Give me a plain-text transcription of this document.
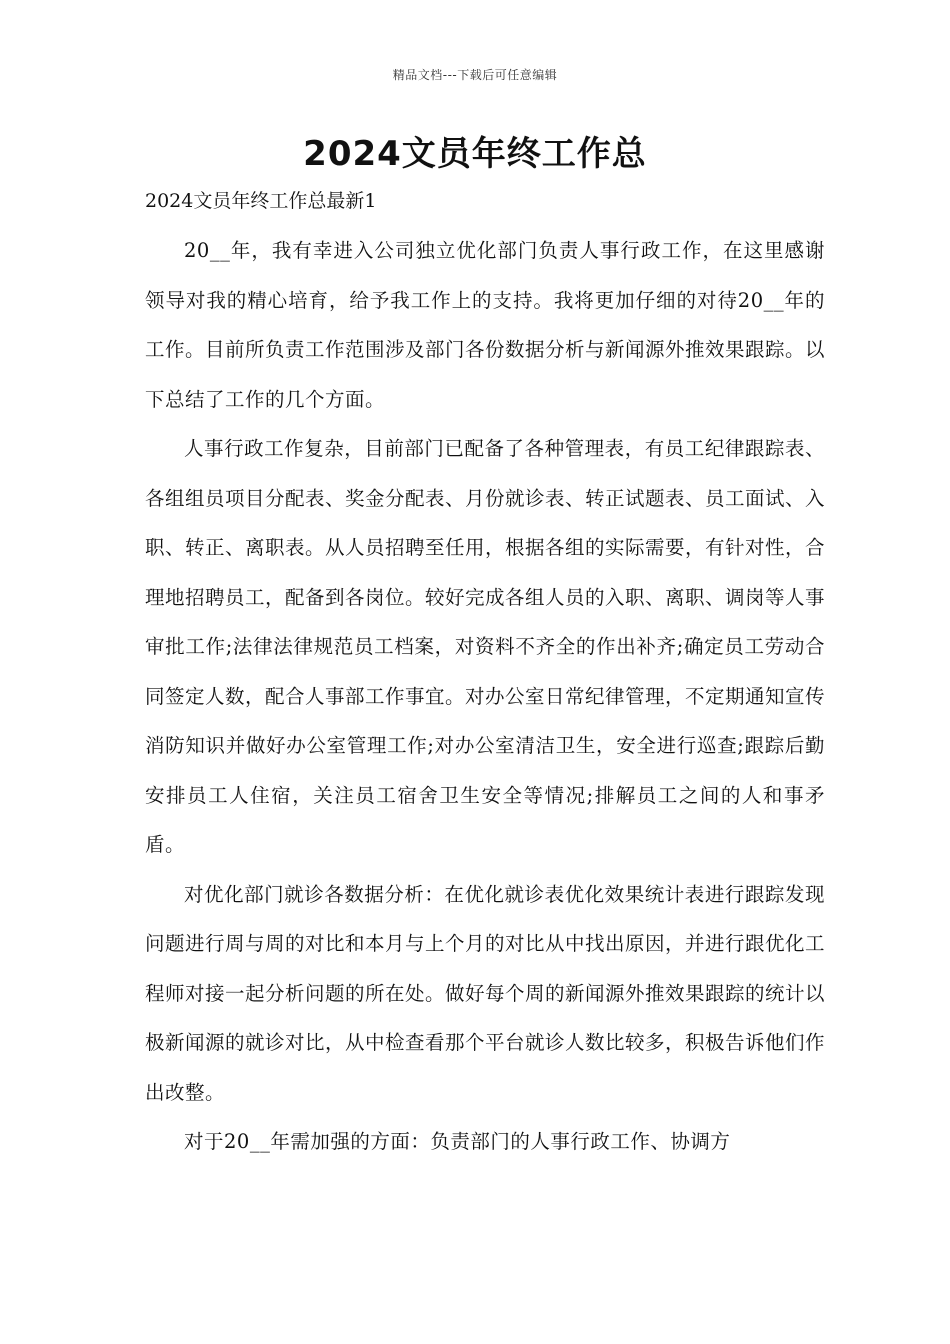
精品文档---下载后可任意编辑
2024文员年终工作总
2024文员年终工作总最新1

20__年，我有幸进入公司独立优化部门负责人事行政工作，在这里感谢领导对我的精心培育，给予我工作上的支持。我将更加仔细的对待20__年的工作。目前所负责工作范围涉及部门各份数据分析与新闻源外推效果跟踪。以下总结了工作的几个方面。

人事行政工作复杂，目前部门已配备了各种管理表，有员工纪律跟踪表、各组组员项目分配表、奖金分配表、月份就诊表、转正试题表、员工面试、入职、转正、离职表。从人员招聘至任用，根据各组的实际需要，有针对性，合理地招聘员工，配备到各岗位。较好完成各组人员的入职、离职、调岗等人事审批工作;法律法律规范员工档案，对资料不齐全的作出补齐;确定员工劳动合同签定人数，配合人事部工作事宜。对办公室日常纪律管理，不定期通知宣传消防知识并做好办公室管理工作;对办公室清洁卫生，安全进行巡查;跟踪后勤安排员工人住宿，关注员工宿舍卫生安全等情况;排解员工之间的人和事矛盾。

对优化部门就诊各数据分析：在优化就诊表优化效果统计表进行跟踪发现问题进行周与周的对比和本月与上个月的对比从中找出原因，并进行跟优化工程师对接一起分析问题的所在处。做好每个周的新闻源外推效果跟踪的统计以极新闻源的就诊对比，从中检查看那个平台就诊人数比较多，积极告诉他们作出改整。

对于20__年需加强的方面：负责部门的人事行政工作、协调方
